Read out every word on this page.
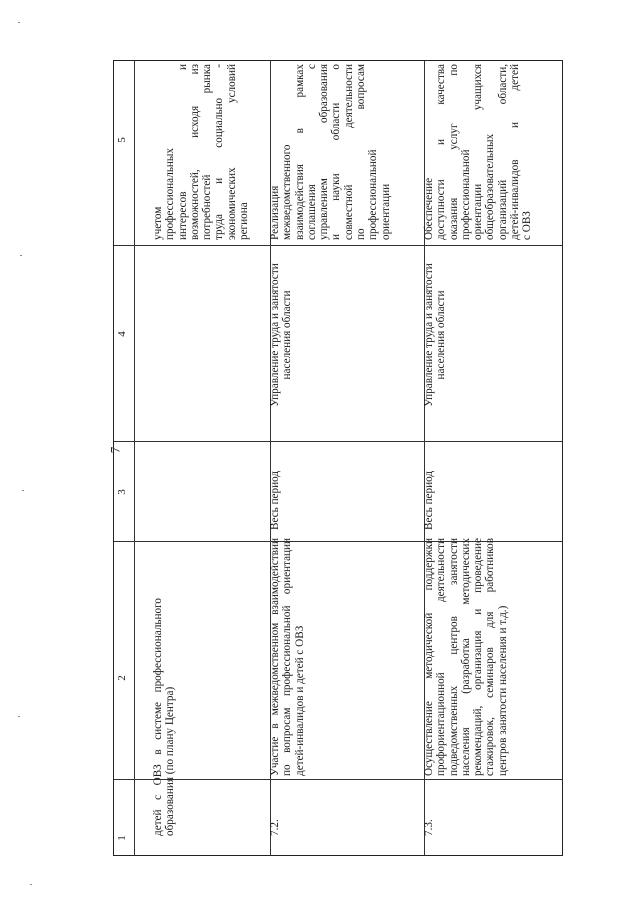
7
5
4
3
2
1
детей с ОВЗ в системе профессионального образования (по плану Центра)
учетом профессиональных интересов и возможностей, исходя из потребностей рынка труда и социально - экономических условий региона
7.2.
Участие в межведомственном взаимодействии по вопросам профессиональной ориентации детей-инвалидов и детей с ОВЗ
Весь период
Управление труда и занятости населения области
Реализация межведомственного взаимодействия в рамках соглашения с управлением образования и науки области о совместной деятельности по вопросам профессиональной ориентации
7.3.
Осуществление методической поддержки профориентационной деятельности подведомственных центров занятости населения (разработка методических рекомендаций, организация и проведение стажировок, семинаров для работников центров занятости населения и т.д.)
Весь период
Управление труда и занятости населения области
Обеспечение доступности и качества оказания услуг по профессиональной ориентации учащихся общеобразовательных организаций области, детей-инвалидов и детей с ОВЗ
